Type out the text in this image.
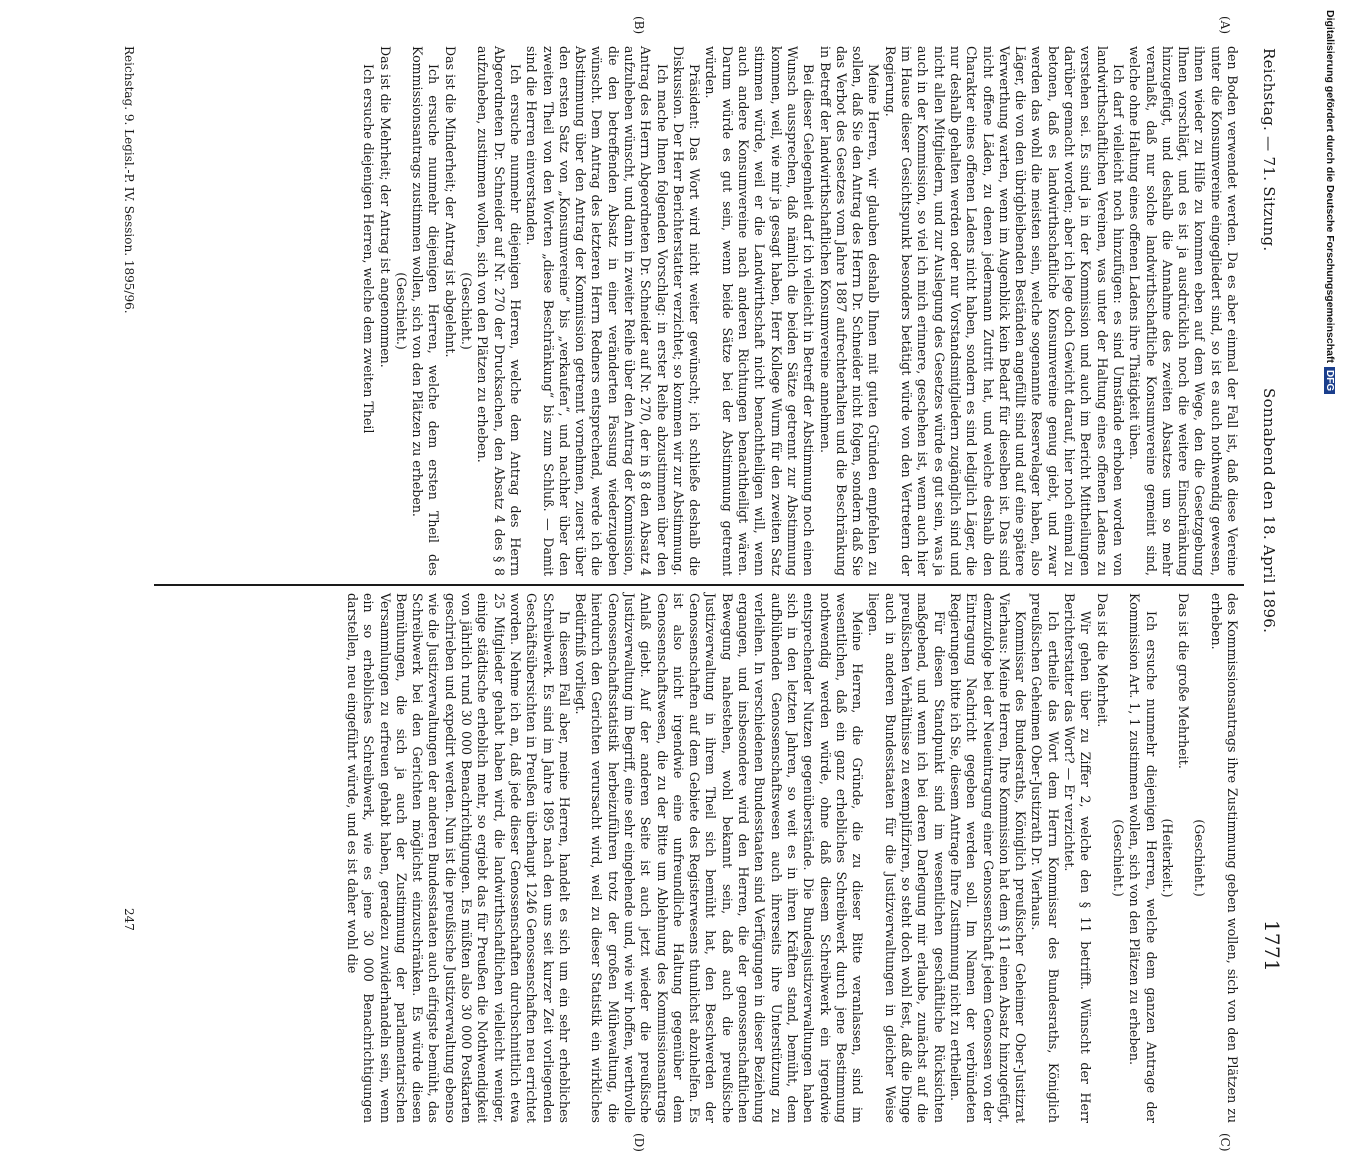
Reichstag. — 71. Sitzung.
Sonnabend den 18. April 1896.
1771
(A)
(B)
(C)
(D)

den Boden verwendet werden. Da es aber einmal der Fall ist, daß diese Vereine unter die Konsumvereine eingegliedert sind, so ist es auch nothwendig gewesen, ihnen wieder zu Hilfe zu kommen eben auf dem Wege, den die Gesetzgebung Ihnen vorschlägt, und es ist ja ausdrücklich noch die weitere Einschränkung hinzugefügt, und deshalb die Annahme des zweiten Absatzes um so mehr veranlaßt, daß nur solche landwirthschaftliche Konsumvereine gemeint sind, welche ohne Haltung eines offenen Ladens ihre Thätigkeit üben.

Ich darf vielleicht noch hinzufügen: es sind Umstände erhoben worden von landwirthschaftlichen Vereinen, was unter der Haltung eines offenen Ladens zu verstehen sei. Es sind ja in der Kommission und auch im Bericht Mittheilungen darüber gemacht worden; aber ich lege doch Gewicht darauf, hier noch einmal zu betonen, daß es landwirthschaftliche Konsumvereine genug giebt, und zwar werden das wohl die meisten sein, welche sogenannte Reservelager haben, also Läger, die von den übrigbleibenden Beständen angefüllt sind und auf eine spätere Verwerthung warten, wenn im Augenblick kein Bedarf für dieselben ist. Das sind nicht offene Läden, zu denen jedermann Zutritt hat, und welche deshalb den Charakter eines offenen Ladens nicht haben, sondern es sind lediglich Läger, die nur deshalb gehalten werden oder nur Vorstandsmitgliedern zugänglich sind und nicht allen Mitgliedern, und zur Auslegung des Gesetzes würde es gut sein, was ja auch in der Kommission, so viel ich mich erinnere, geschehen ist, wenn auch hier im Hause dieser Gesichtspunkt besonders betätigt würde von den Vertretern der Regierung.

Meine Herren, wir glauben deshalb Ihnen mit guten Gründen empfehlen zu sollen, daß Sie den Antrag des Herrn Dr. Schneider nicht folgen, sondern daß Sie das Verbot des Gesetzes vom Jahre 1887 aufrechterhalten und die Beschränkung in Betreff der landwirthschaftlichen Konsumvereine annehmen.

Bei dieser Gelegenheit darf ich vielleicht in Betreff der Abstimmung noch einen Wunsch aussprechen, daß nämlich die beiden Sätze getrennt zur Abstimmung kommen, weil, wie mir ja gesagt haben, Herr Kollege Wurm für den zweiten Satz stimmen würde, weil er die Landwirthschaft nicht benachtheiligen will, wenn auch andere Konsumvereine nach anderen Richtungen benachtheiligt wären. Darum würde es gut sein, wenn beide Sätze bei der Abstimmung getrennt würden.

Präsident: Das Wort wird nicht weiter gewünscht; ich schließe deshalb die Diskussion. Der Herr Berichterstatter verzichtet; so kommen wir zur Abstimmung.

Ich mache Ihnen folgenden Vorschlag: in erster Reihe abzustimmen über den Antrag des Herrn Abgeordneten Dr. Schneider auf Nr. 270, der in § 8 den Absatz 4 aufzuheben wünscht, und dann in zweiter Reihe über den Antrag der Kommission, die den betreffenden Absatz in einer veränderten Fassung wiederzugeben wünscht. Dem Antrag des letzteren Herrn Redners entsprechend, werde ich die Abstimmung über den Antrag der Kommission getrennt vornehmen, zuerst über den ersten Satz von „Konsumvereine“ bis „verkaufen“, und nachher über den zweiten Theil von den Worten „diese Beschränkung“ bis zum Schluß. — Damit sind die Herren einverstanden.

Ich ersuche nunmehr diejenigen Herren, welche dem Antrag des Herrn Abgeordneten Dr. Schneider auf Nr. 270 der Drucksachen, den Absatz 4 des § 8 aufzuheben, zustimmen wollen, sich von den Plätzen zu erheben.

(Geschieht.)

Das ist die Minderheit; der Antrag ist abgelehnt.

Ich ersuche nunmehr diejenigen Herren, welche dem ersten Theil des Kommissionsantrags zustimmen wollen, sich von den Plätzen zu erheben.

(Geschieht.)

Das ist die Mehrheit; der Antrag ist angenommen.

Ich ersuche diejenigen Herren, welche dem zweiten Theil

des Kommissionsantrags ihre Zustimmung geben wollen, sich von den Plätzen zu erheben.

(Geschieht.)

Das ist die große Mehrheit.

(Heiterkeit.)

Ich ersuche nunmehr diejenigen Herren, welche dem ganzen Antrage der Kommission Art. 1, 1 zustimmen wollen, sich von den Plätzen zu erheben.

(Geschieht.)

Das ist die Mehrheit.

Wir gehen über zu Ziffer 2, welche den § 11 betrifft. Wünscht der Herr Berichterstatter das Wort? — Er verzichtet.

Ich ertheile das Wort dem Herrn Kommissar des Bundesraths, Königlich preußischen Geheimen Ober-Justizrath Dr. Vierhaus.

Kommissar des Bundesraths, Königlich preußischer Geheimer Ober-Justizrat Vierhaus: Meine Herren, Ihre Kommission hat dem § 11 einen Absatz hinzugefügt, demzufolge bei der Neueintragung einer Genossenschaft jedem Genossen von der Eintragung Nachricht gegeben werden soll. Im Namen der verbündeten Regierungen bitte ich Sie, diesem Antrage Ihre Zustimmung nicht zu ertheilen.

Für diesen Standpunkt sind im wesentlichen geschäftliche Rücksichten maßgebend, und wenn ich bei deren Darlegung mir erlaube, zunächst auf die preußischen Verhältnisse zu exemplifiziren, so steht doch wohl fest, daß die Dinge auch in anderen Bundesstaaten für die Justizverwaltungen in gleicher Weise liegen.

Meine Herren, die Gründe, die zu dieser Bitte veranlassen, sind im wesentlichen, daß ein ganz erhebliches Schreibwerk durch jene Bestimmung nothwendig werden würde, ohne daß diesem Schreibwerk ein irgendwie entsprechender Nutzen gegenüberstände. Die Bundesjustizverwaltungen haben sich in den letzten Jahren, so weit es in ihren Kräften stand, bemüht, dem aufblühenden Genossenschaftswesen auch ihrerseits ihre Unterstützung zu verleihen. In verschiedenen Bundesstaaten sind Verfügungen in dieser Beziehung ergangen, und insbesondere wird den Herren, die der genossenschaftlichen Bewegung nahestehen, wohl bekannt sein, daß auch die preußische Justizverwaltung in ihrem Theil sich bemüht hat, den Beschwerden der Genossenschaften auf dem Gebiete des Registerwesens thunlichst abzuhelfen. Es ist also nicht irgendwie eine unfreundliche Haltung gegenüber dem Genossenschaftswesen, die zu der Bitte um Ablehnung des Kommissionsantrags Anlaß giebt. Auf der anderen Seite ist auch jetzt wieder die preußische Justizverwaltung im Begriff, eine sehr eingehende und, wie wir hoffen, werthvolle Genossenschaftsstatistik herbeizuführen trotz der großen Mühewaltung, die hierdurch den Gerichten verursacht wird, weil zu dieser Statistik ein wirkliches Bedürfniß vorliegt.

In diesem Fall aber, meine Herren, handelt es sich um ein sehr erhebliches Schreibwerk. Es sind im Jahre 1895 nach den uns seit kurzer Zeit vorliegenden Geschäftsübersichten in Preußen überhaupt 1246 Genossenschaften neu errichtet worden. Nehme ich an, daß jede dieser Genossenschaften durchschnittlich etwa 25 Mitglieder gehabt haben wird, die landwirthschaftlichen vielleicht weniger, einige städtische erheblich mehr, so ergiebt das für Preußen die Nothwendigkeit von jährlich rund 30 000 Benachrichtigungen. Es müßten also 30 000 Postkarten geschrieben und expedirt werden. Nun ist die preußische Justizverwaltung ebenso wie die Justizverwaltungen der anderen Bundesstaaten auch eifrigste bemüht, das Schreibwerk bei den Gerichten möglichst einzuschränken. Es würde diesen Bemühungen, die sich ja auch der Zustimmung der parlamentarischen Versammlungen zu erfreuen gehabt haben, geradezu zuwiderhandeln sein, wenn ein so erhebliches Schreibwerk, wie es jene 30 000 Benachrichtigungen darstellen, neu eingeführt würde, und es ist daher wohl die

Reichstag. 9. Legisl.-P. IV. Session. 1895/96.
247
Digitalisierung gefördert durch die Deutsche ForschungsgemeinschaftDFG
